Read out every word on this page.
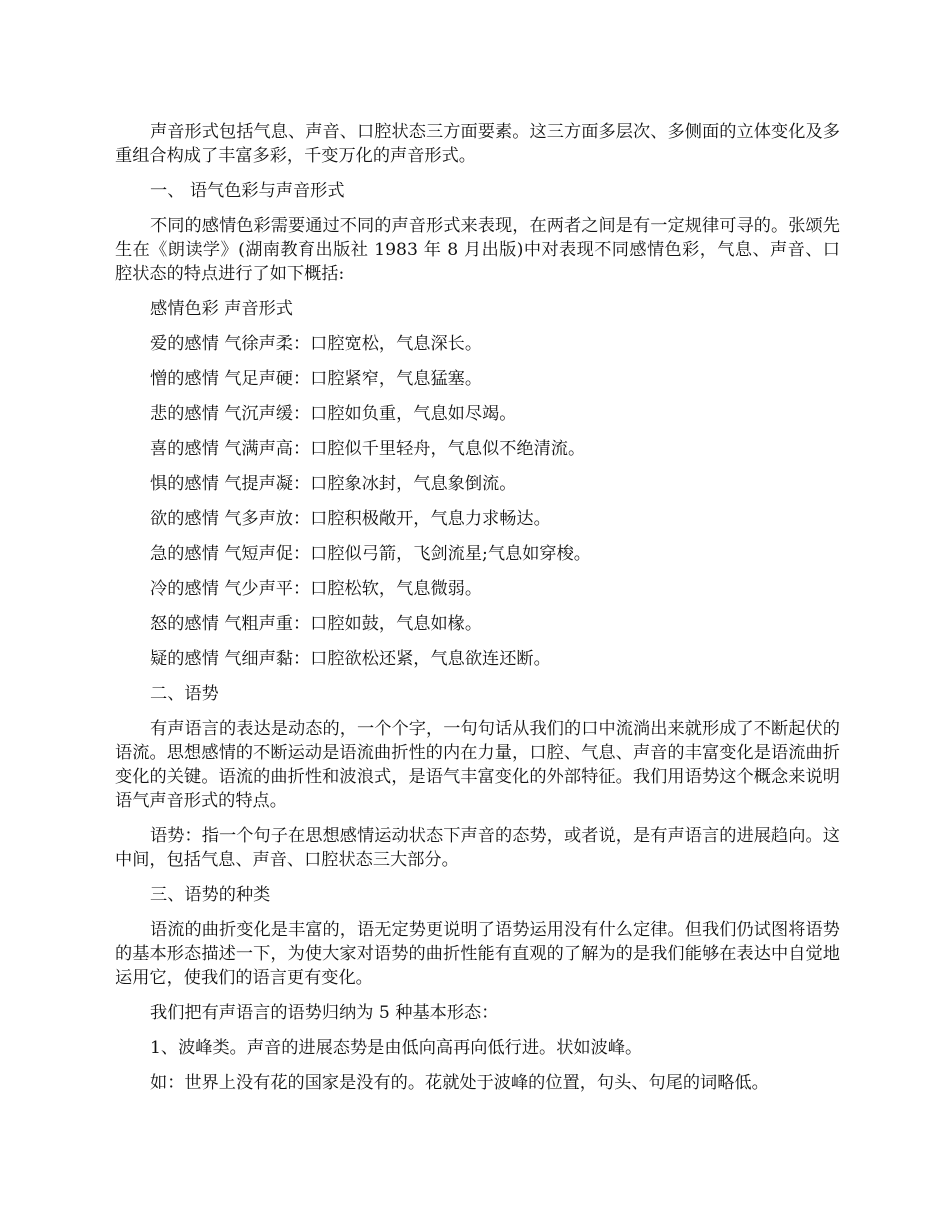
声音形式包括气息、声音、口腔状态三方面要素。这三方面多层次、多侧面的立体变化及多重组合构成了丰富多彩，千变万化的声音形式。

一、 语气色彩与声音形式

不同的感情色彩需要通过不同的声音形式来表现，在两者之间是有一定规律可寻的。张颂先生在《朗读学》(湖南教育出版社 1983 年 8 月出版)中对表现不同感情色彩，气息、声音、口腔状态的特点进行了如下概括:

感情色彩 声音形式

爱的感情 气徐声柔：口腔宽松，气息深长。

憎的感情 气足声硬：口腔紧窄，气息猛塞。

悲的感情 气沉声缓：口腔如负重，气息如尽竭。

喜的感情 气满声高：口腔似千里轻舟，气息似不绝清流。

惧的感情 气提声凝：口腔象冰封，气息象倒流。

欲的感情 气多声放：口腔积极敞开，气息力求畅达。

急的感情 气短声促：口腔似弓箭，飞剑流星;气息如穿梭。

冷的感情 气少声平：口腔松软，气息微弱。

怒的感情 气粗声重：口腔如鼓，气息如椽。

疑的感情 气细声黏：口腔欲松还紧，气息欲连还断。

二、语势

有声语言的表达是动态的，一个个字，一句句话从我们的口中流淌出来就形成了不断起伏的语流。思想感情的不断运动是语流曲折性的内在力量，口腔、气息、声音的丰富变化是语流曲折变化的关键。语流的曲折性和波浪式，是语气丰富变化的外部特征。我们用语势这个概念来说明语气声音形式的特点。

语势：指一个句子在思想感情运动状态下声音的态势，或者说，是有声语言的进展趋向。这中间，包括气息、声音、口腔状态三大部分。

三、语势的种类

语流的曲折变化是丰富的，语无定势更说明了语势运用没有什么定律。但我们仍试图将语势的基本形态描述一下，为使大家对语势的曲折性能有直观的了解为的是我们能够在表达中自觉地运用它，使我们的语言更有变化。

我们把有声语言的语势归纳为 5 种基本形态：

1、波峰类。声音的进展态势是由低向高再向低行进。状如波峰。

如：世界上没有花的国家是没有的。花就处于波峰的位置，句头、句尾的词略低。
